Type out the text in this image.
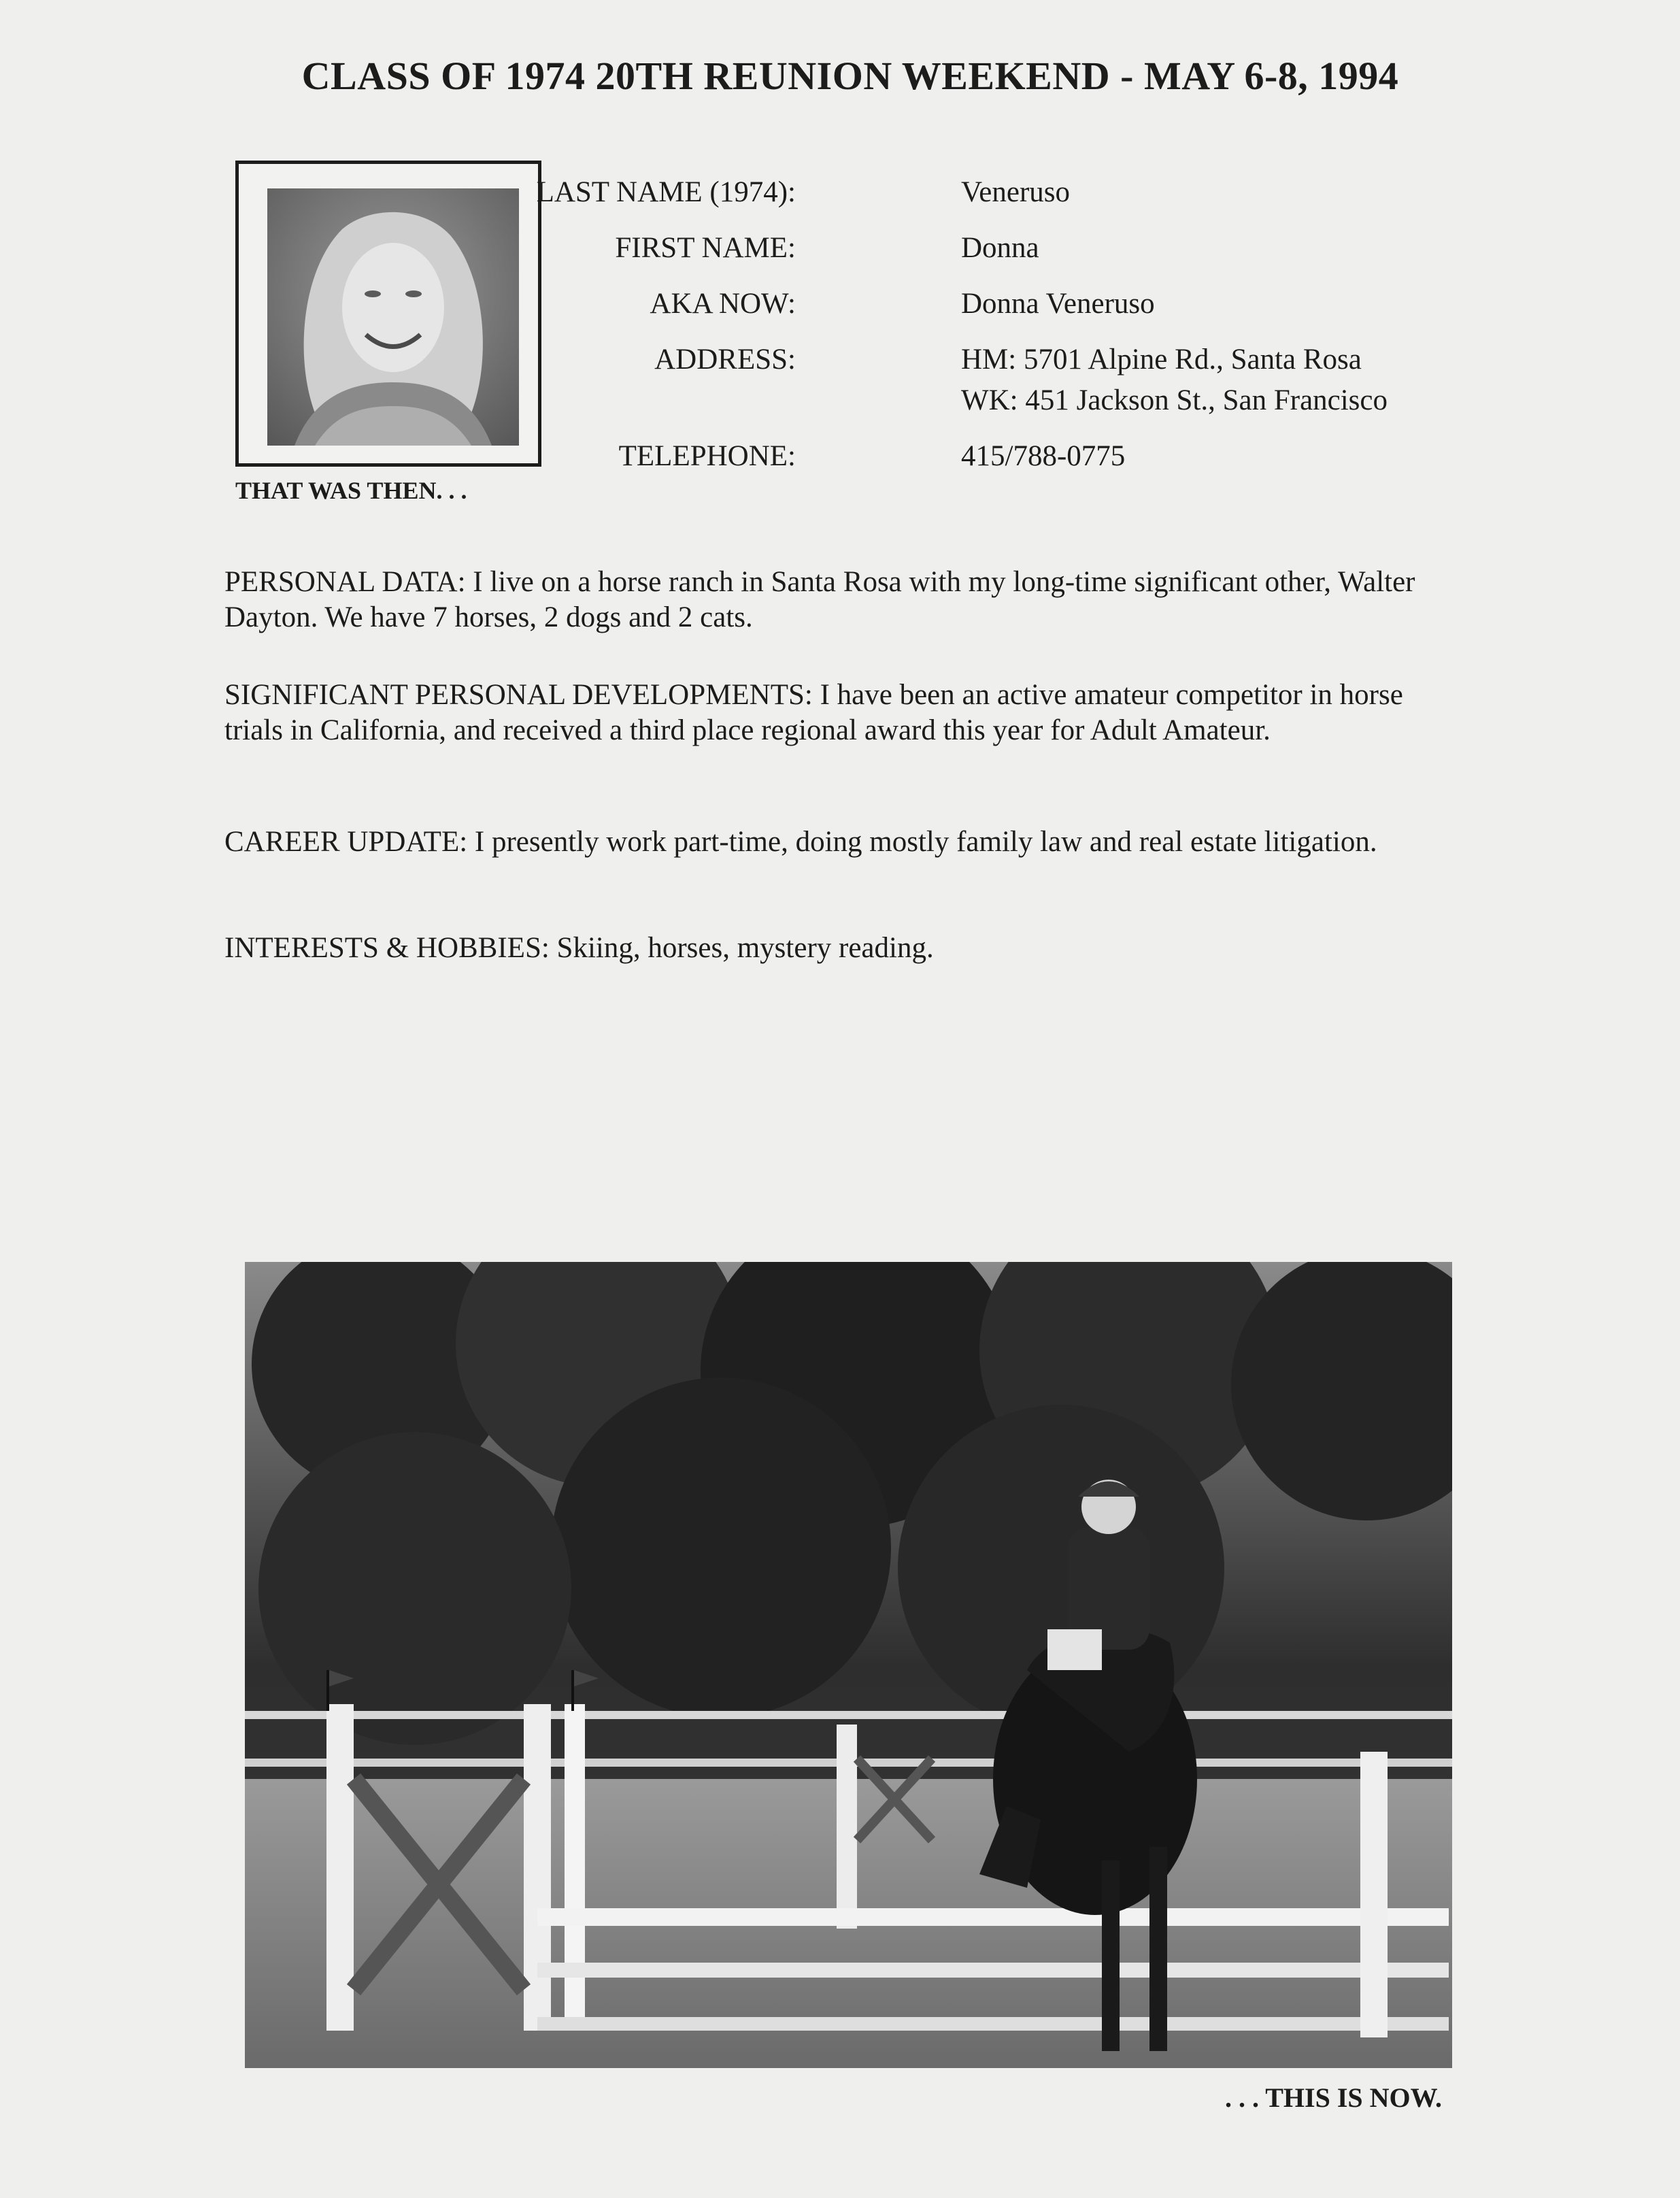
CLASS OF 1974 20TH REUNION WEEKEND - MAY 6-8, 1994
THAT WAS THEN. . .
LAST NAME (1974):	Veneruso
FIRST NAME:	Donna
AKA NOW:	Donna Veneruso
ADDRESS:	HM: 5701 Alpine Rd., Santa Rosa
WK: 451 Jackson St., San Francisco
TELEPHONE:	415/788-0775
PERSONAL DATA: I live on a horse ranch in Santa Rosa with my long-time significant other, Walter Dayton. We have 7 horses, 2 dogs and 2 cats.
SIGNIFICANT PERSONAL DEVELOPMENTS: I have been an active amateur competitor in horse trials in California, and received a third place regional award this year for Adult Amateur.
CAREER UPDATE: I presently work part-time, doing mostly family law and real estate litigation.
INTERESTS & HOBBIES: Skiing, horses, mystery reading.
. . . THIS IS NOW.
